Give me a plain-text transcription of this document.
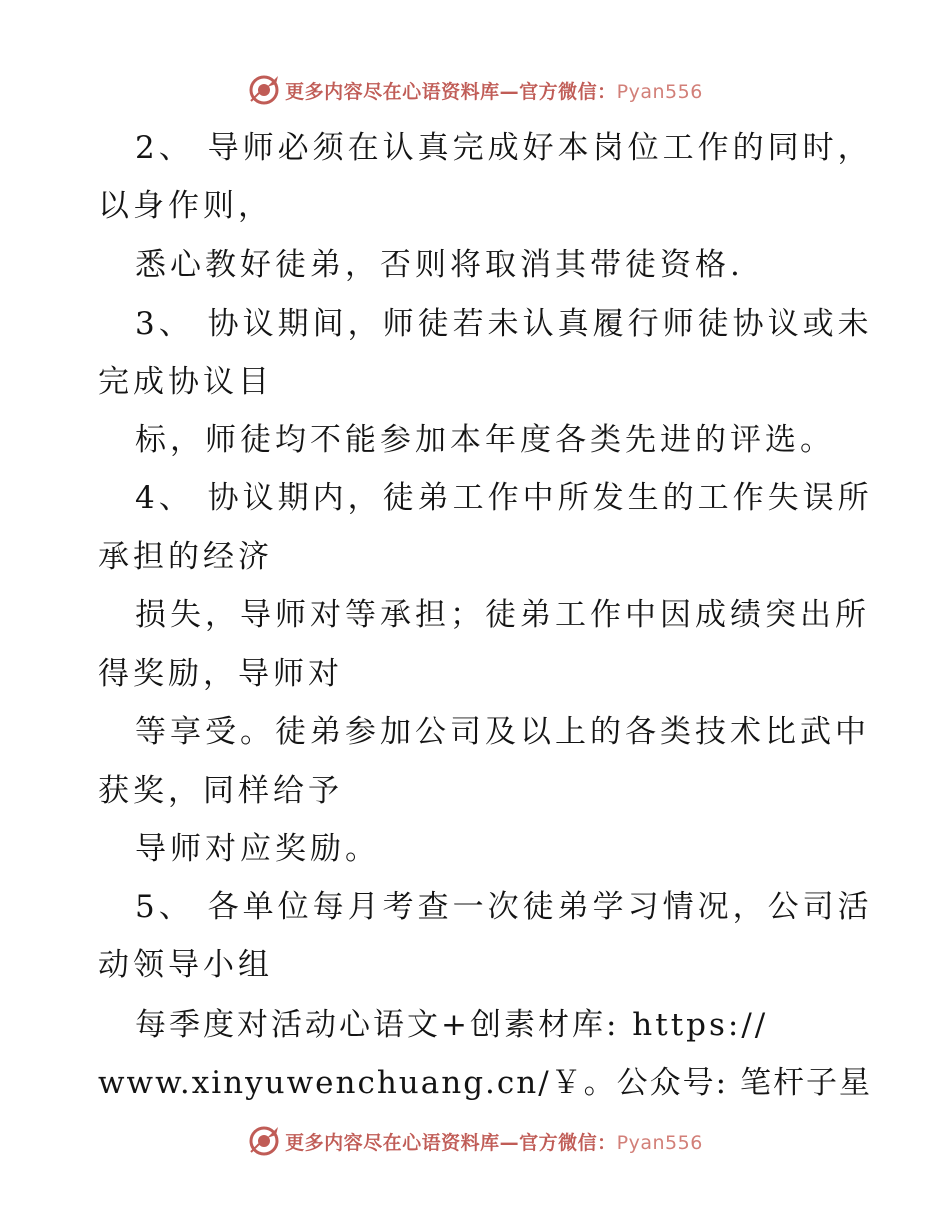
更多内容尽在心语资料库—官方微信：Pyan556
2、 导师必须在认真完成好本岗位工作的同时，
以身作则，
悉心教好徒弟，否则将取消其带徒资格.
3、 协议期间，师徒若未认真履行师徒协议或未
完成协议目
标，师徒均不能参加本年度各类先进的评选。
4、 协议期内，徒弟工作中所发生的工作失误所
承担的经济
损失，导师对等承担；徒弟工作中因成绩突出所
得奖励，导师对
等享受。徒弟参加公司及以上的各类技术比武中
获奖，同样给予
导师对应奖励。
5、 各单位每月考查一次徒弟学习情况，公司活
动领导小组
每季度对活动心语文+创素材库: https://
www.xinyuwenchuang.cn/￥。公众号: 笔杆子星
更多内容尽在心语资料库—官方微信：Pyan556
